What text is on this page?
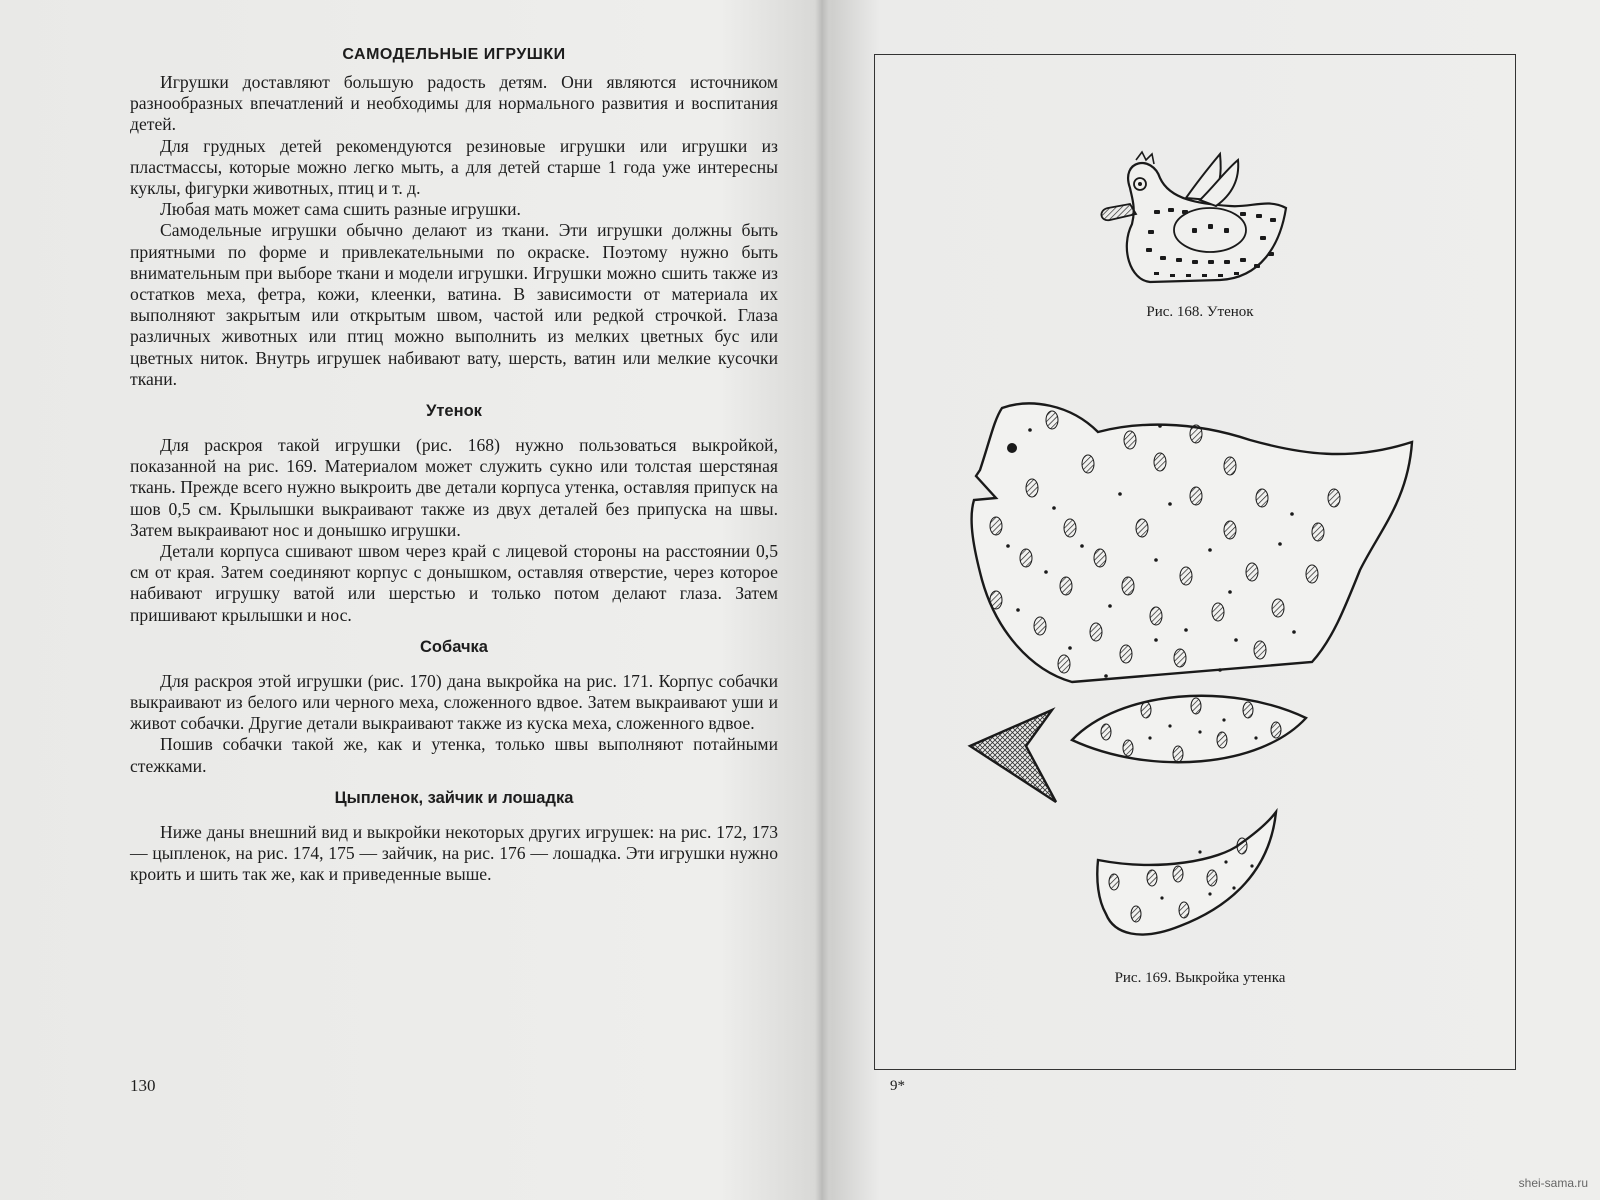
САМОДЕЛЬНЫЕ ИГРУШКИ

Игрушки доставляют большую радость детям. Они являются источником разнообразных впечатлений и необходимы для нормального развития и воспитания детей.

Для грудных детей рекомендуются резиновые игрушки или игрушки из пластмассы, которые можно легко мыть, а для детей старше 1 года уже интересны куклы, фигурки животных, птиц и т. д.

Любая мать может сама сшить разные игрушки.

Самодельные игрушки обычно делают из ткани. Эти игрушки должны быть приятными по форме и привлекательными по окраске. Поэтому нужно быть внимательным при выборе ткани и модели игрушки. Игрушки можно сшить также из остатков меха, фетра, кожи, клеенки, ватина. В зависимости от материала их выполняют закрытым или открытым швом, частой или редкой строчкой. Глаза различных животных или птиц можно выполнить из мелких цветных бус или цветных ниток. Внутрь игрушек набивают вату, шерсть, ватин или мелкие кусочки ткани.

Утенок

Для раскроя такой игрушки (рис. 168) нужно пользоваться выкройкой, показанной на рис. 169. Материалом может служить сукно или толстая шерстяная ткань. Прежде всего нужно выкроить две детали корпуса утенка, оставляя припуск на шов 0,5 см. Крылышки выкраивают также из двух деталей без припуска на швы. Затем выкраивают нос и донышко игрушки.

Детали корпуса сшивают швом через край с лицевой стороны на расстоянии 0,5 см от края. Затем соединяют корпус с донышком, оставляя отверстие, через которое набивают игрушку ватой или шерстью и только потом делают глаза. Затем пришивают крылышки и нос.

Собачка

Для раскроя этой игрушки (рис. 170) дана выкройка на рис. 171. Корпус собачки выкраивают из белого или черного меха, сложенного вдвое. Затем выкраивают уши и живот собачки. Другие детали выкраивают также из куска меха, сложенного вдвое.

Пошив собачки такой же, как и утенка, только швы выполняют потайными стежками.

Цыпленок, зайчик и лошадка

Ниже даны внешний вид и выкройки некоторых других игрушек: на рис. 172, 173 — цыпленок, на рис. 174, 175 — зайчик, на рис. 176 — лошадка. Эти игрушки нужно кроить и шить так же, как и приведенные выше.

130
Рис. 168. Утенок
Рис. 169. Выкройка утенка
9*
shei-sama.ru
